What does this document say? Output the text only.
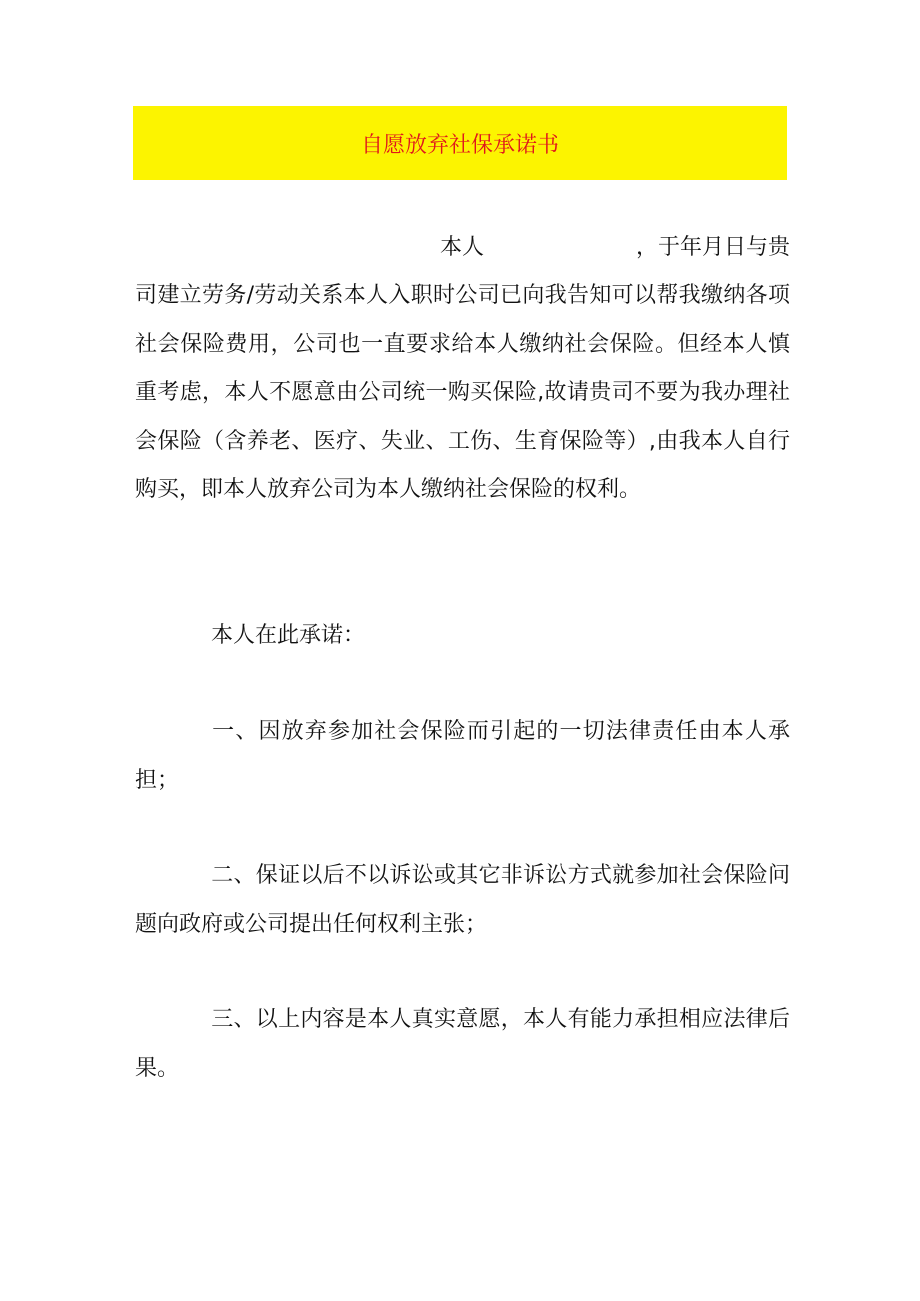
自愿放弃社保承诺书
本人	，于年月日与贵

司建立劳务/劳动关系本人入职时公司已向我告知可以帮我缴纳各项社会保险费用，公司也一直要求给本人缴纳社会保险。但经本人慎重考虑，本人不愿意由公司统一购买保险,故请贵司不要为我办理社会保险（含养老、医疗、失业、工伤、生育保险等）,由我本人自行购买，即本人放弃公司为本人缴纳社会保险的权利。

本人在此承诺：

一、因放弃参加社会保险而引起的一切法律责任由本人承担；

二、保证以后不以诉讼或其它非诉讼方式就参加社会保险问题向政府或公司提出任何权利主张；

三、以上内容是本人真实意愿，本人有能力承担相应法律后果。
